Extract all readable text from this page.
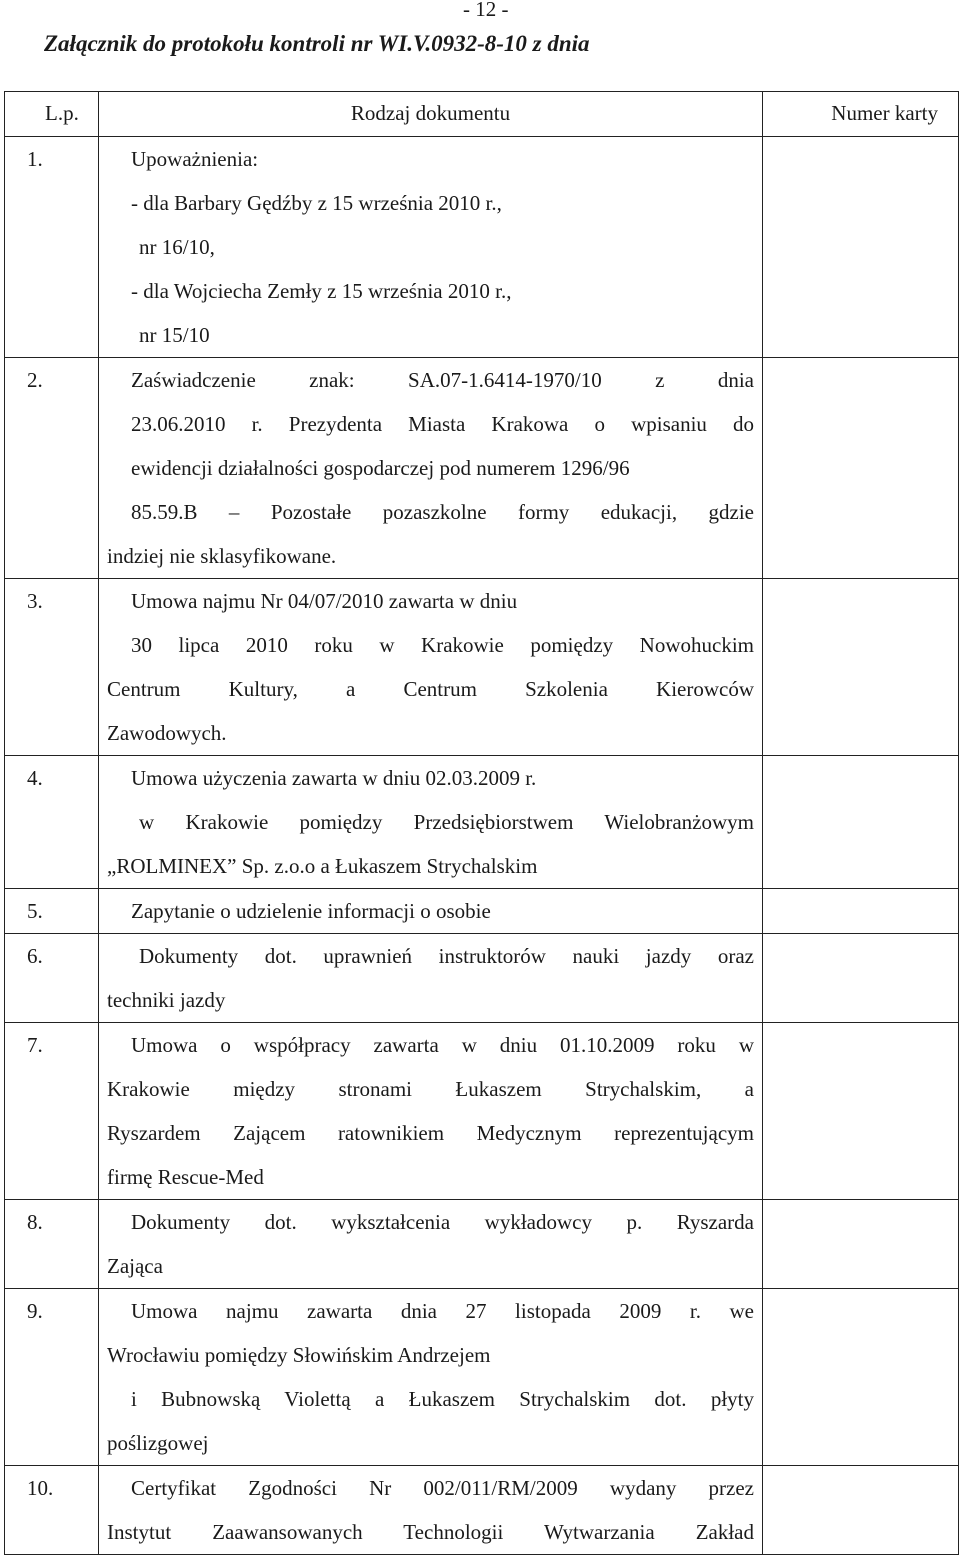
- 12 -
Załącznik do protokołu kontroli nr WI.V.0932-8-10 z dnia
L.p.	Rodzaj dokumentu	Numer karty
1.	Upoważnienia:
- dla Barbary Gędźby z 15 września 2010 r.,
nr 16/10,
- dla Wojciecha Zemły z 15 września 2010 r.,
nr 15/10	

2.	Zaświadczenie znak: SA.07-1.6414-1970/10 z dnia
23.06.2010 r. Prezydenta Miasta Krakowa o wpisaniu do
ewidencji działalności gospodarczej pod numerem 1296/96
85.59.B – Pozostałe pozaszkolne formy edukacji, gdzie
indziej nie sklasyfikowane.	

3.	Umowa najmu Nr 04/07/2010 zawarta w dniu
30 lipca 2010 roku w Krakowie pomiędzy Nowohuckim
Centrum Kultury, a Centrum Szkolenia Kierowców
Zawodowych.	

4.	Umowa użyczenia zawarta w dniu 02.03.2009 r.
w Krakowie pomiędzy Przedsiębiorstwem Wielobranżowym
„ROLMINEX” Sp. z.o.o a Łukaszem Strychalskim	

5.	Zapytanie o udzielenie informacji o osobie	

6.	Dokumenty dot. uprawnień instruktorów nauki jazdy oraz
techniki jazdy	

7.	Umowa o współpracy zawarta w dniu 01.10.2009 roku w
Krakowie między stronami Łukaszem Strychalskim, a
Ryszardem Zającem ratownikiem Medycznym reprezentującym
firmę Rescue-Med	

8.	Dokumenty dot. wykształcenia wykładowcy p. Ryszarda
Zająca	

9.	Umowa najmu zawarta dnia 27 listopada 2009 r. we
Wrocławiu pomiędzy Słowińskim Andrzejem
i Bubnowską Violettą a Łukaszem Strychalskim dot. płyty
poślizgowej	

10.	Certyfikat Zgodności Nr 002/011/RM/2009 wydany przez
Instytut Zaawansowanych Technologii Wytwarzania Zakład	
